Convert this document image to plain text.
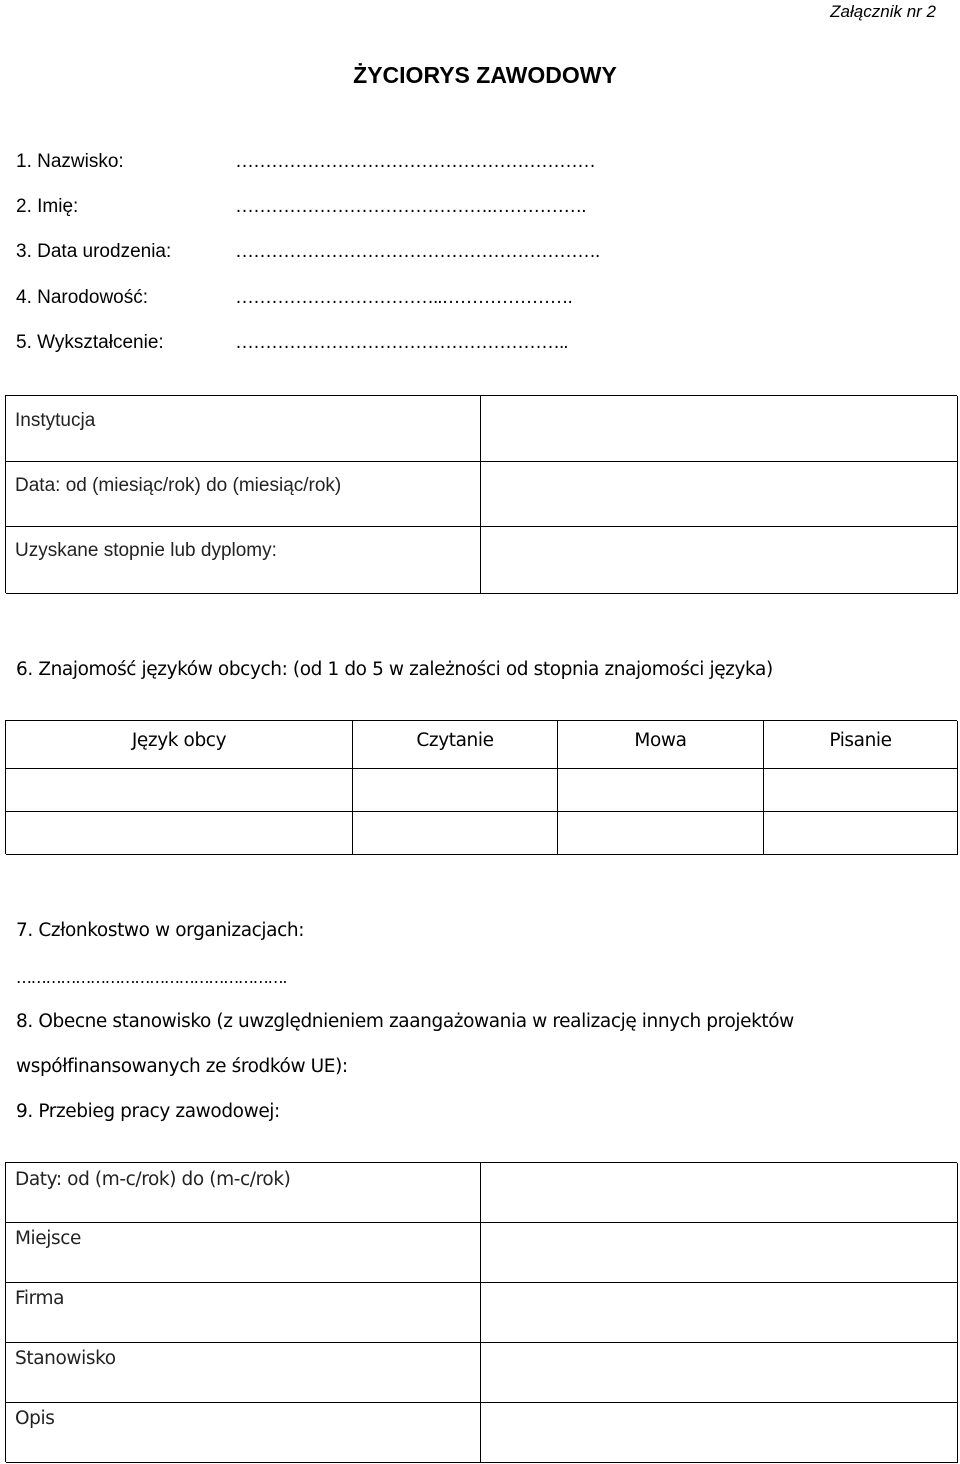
Załącznik nr 2
ŻYCIORYS ZAWODOWY
1. Nazwisko:	……………………………………………………
2. Imię:	…………………………………….…………….
3. Data urodzenia:	…………………………………………………….
4. Narodowość:	……………………………..………………….
5. Wykształcenie:	………………………………………………..
Instytucja
Data: od (miesiąc/rok) do (miesiąc/rok)
Uzyskane stopnie lub dyplomy:
6. Znajomość języków obcych: (od 1 do 5 w zależności od stopnia znajomości języka)
Język obcy	Czytanie	Mowa	Pisanie
7. Członkostwo w organizacjach:
……………………………………………….
8. Obecne stanowisko (z uwzględnieniem zaangażowania w realizację innych projektów
współfinansowanych ze środków UE):
9. Przebieg pracy zawodowej:
Daty: od (m-c/rok) do (m-c/rok)
Miejsce
Firma
Stanowisko
Opis
